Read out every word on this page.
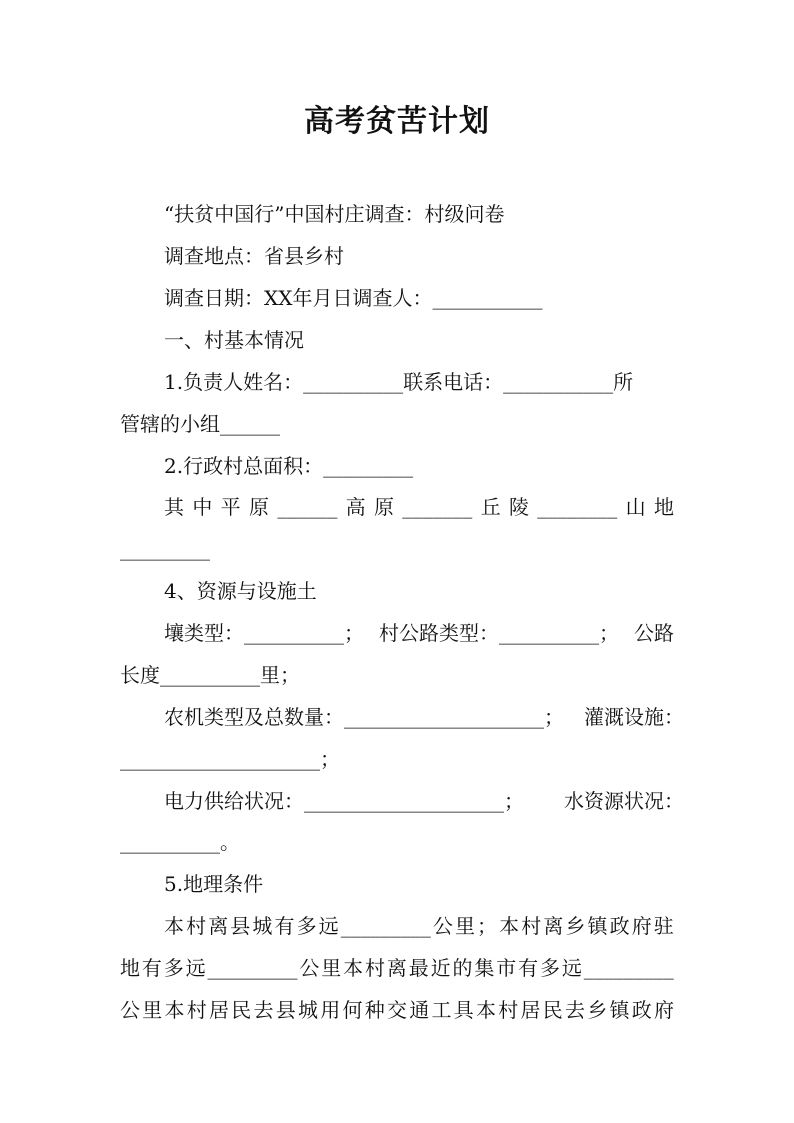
高考贫苦计划
“扶贫中国行”中国村庄调查：村级问卷
调查地点：省县乡村
调查日期：XX年月日调查人：___________
一、村基本情况
1.负责人姓名：__________联系电话：___________所
管辖的小组______
2.行政村总面积：_________
其 中 平 原 ______ 高 原 _______ 丘 陵 ________ 山 地
_________
4、资源与设施土
壤类型：__________； 村公路类型：__________； 公路
长度__________里；
农机类型及总数量：____________________； 灌溉设施：
____________________；
电力供给状况：____________________； 水资源状况：
__________。
5.地理条件
本 村 离 县 城 有 多 远 _________ 公 里 ； 本 村 离 乡 镇 政 府 驻
地 有 多 远 _________ 公 里 本 村 离 最 近 的 集 市 有 多 远 _________
公 里 本 村 居 民 去 县 城 用 何 种 交 通 工 具 本 村 居 民 去 乡 镇 政 府
